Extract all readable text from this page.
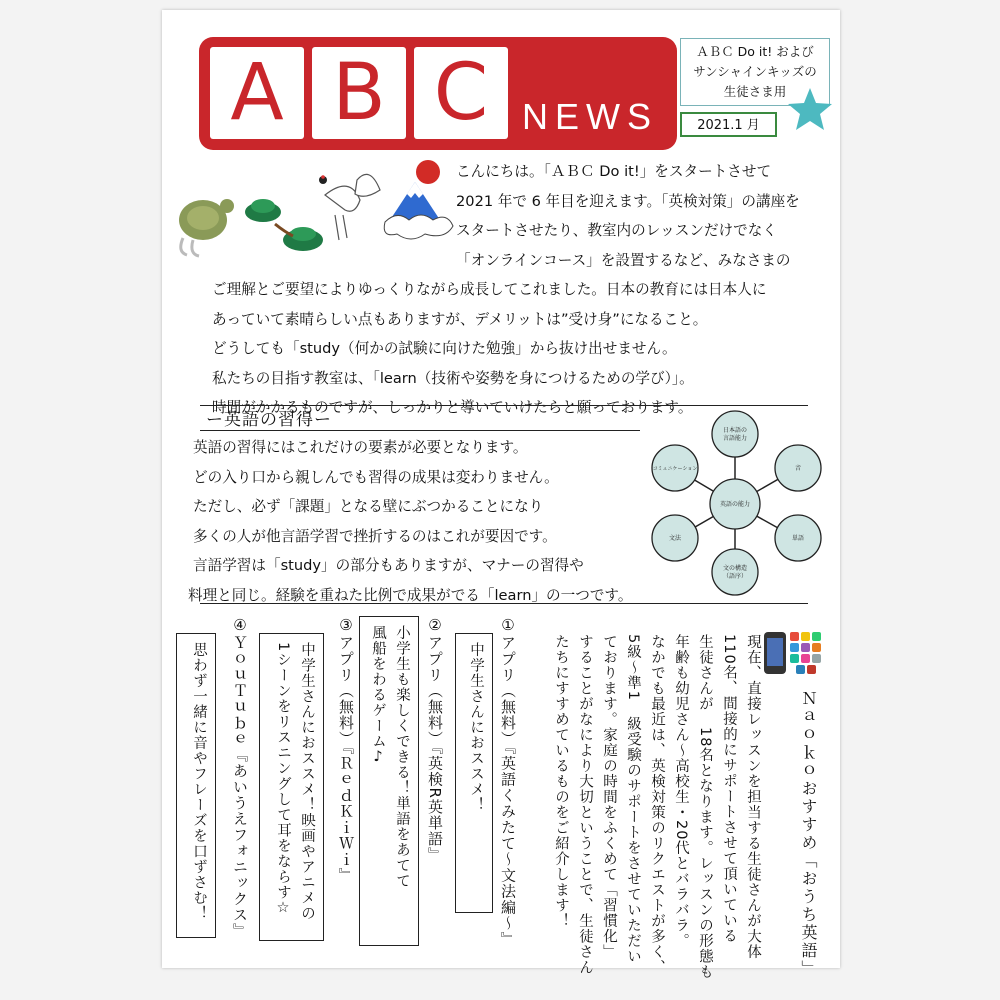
A B C NEWS
ＡＢＣ Do it! および
サンシャインキッズの
生徒さま用
2021.1 月
こんにちは。「ＡＢＣ Do it!」をスタートさせて
2021 年で 6 年目を迎えます。「英検対策」の講座を
スタートさせたり、教室内のレッスンだけでなく
「オンラインコース」を設置するなど、みなさまの
ご理解とご要望によりゆっくりながら成長してこれました。日本の教育には日本人に
あっていて素晴らしい点もありますが、デメリットは”受け身”になること。
どうしても「study（何かの試験に向けた勉強」から抜け出せません。
私たちの目指す教室は、「learn（技術や姿勢を身につけるための学び）」。
時間がかかるものですが、しっかりと導いていけたらと願っております。
ー英語の習得ー
英語の習得にはこれだけの要素が必要となります。
どの入り口から親しんでも習得の成果は変わりません。
ただし、必ず「課題」となる壁にぶつかることになり
多くの人が他言語学習で挫折するのはこれが要因です。
言語学習は「study」の部分もありますが、マナーの習得や
料理と同じ。経験を重ねた比例で成果がでる「learn」の一つです。
英語の能力
日本語の
言語能力
音
単語
文の構造
（語序）
文法
コミュニケーション
Ｎａｏｋｏおすすめ「おうち英語」
現在、直接レッスンを担当する生徒さんが大体
110名、間接的にサポートさせて頂いている
生徒さんが　18名となります。レッスンの形態も
年齢も幼児さん～高校生・20代とバラバラ。
なかでも最近は、英検対策のリクエストが多く、
5級～準1　級受験のサポートをさせていただい
ております。家庭の時間をふくめて「習慣化」
することがなにより大切ということで、生徒さん
たちにすすめているものをご紹介します！
①アプリ（無料）『英語くみたて～文法編～』
中学生さんにおススメ！
②アプリ（無料）『英検R英単語』
小学生も楽しくできる！単語をあてて
風船をわるゲーム♪
③アプリ（無料）『ＲｅｄＫｉＷｉ』
中学生さんにおススメ！映画やアニメの
1シーンをリスニングして耳をならす☆
④ＹｏｕＴｕｂｅ『あいうえフォニックス』
思わず一緒に音やフレーズを口ずさむ！
